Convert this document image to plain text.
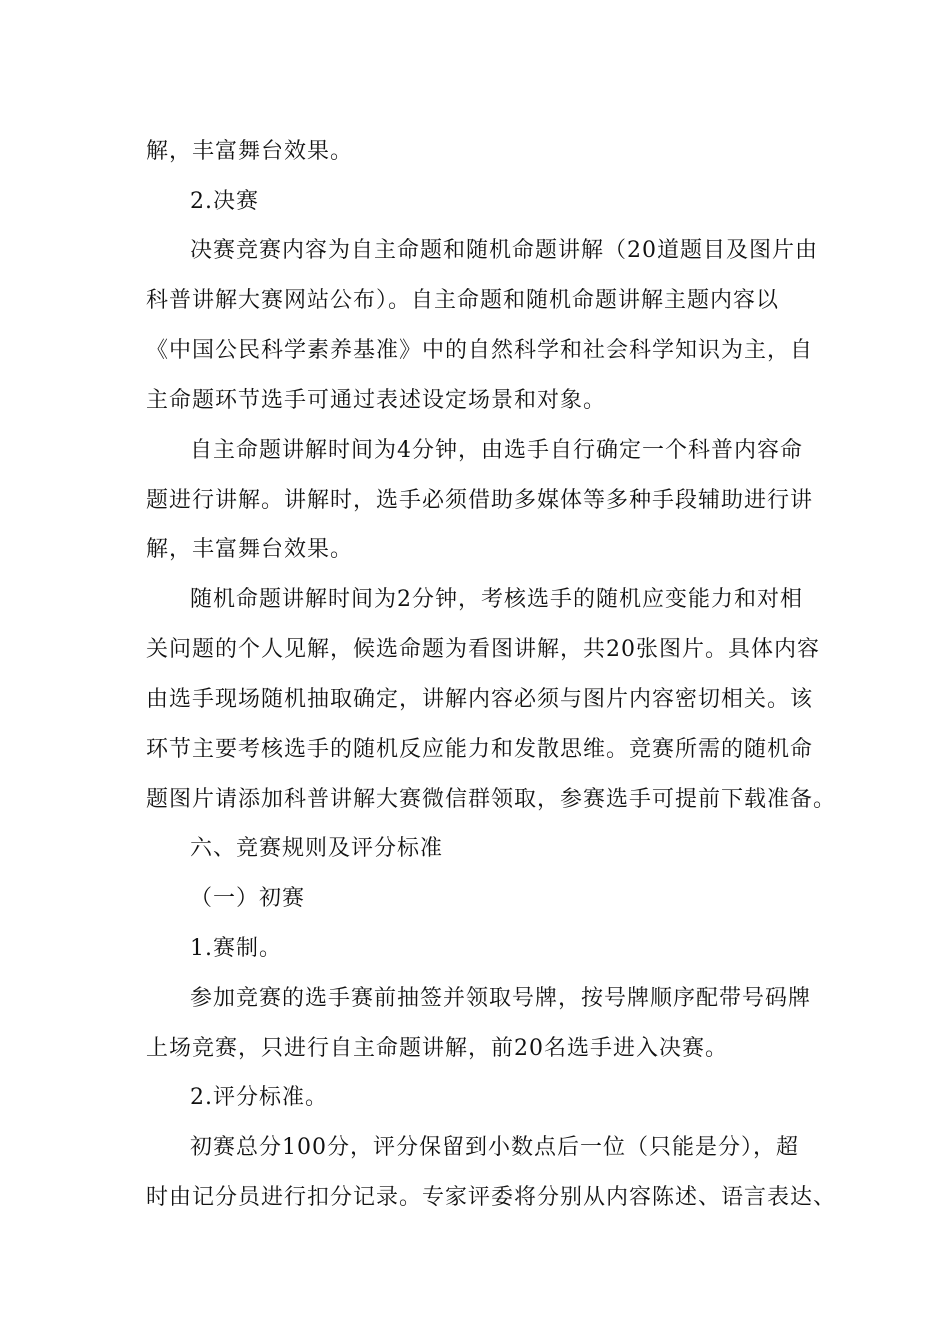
解，丰富舞台效果。
2.决赛
决赛竞赛内容为自主命题和随机命题讲解（20道题目及图片由
科普讲解大赛网站公布）。自主命题和随机命题讲解主题内容以
《中国公民科学素养基准》中的自然科学和社会科学知识为主，自
主命题环节选手可通过表述设定场景和对象。
自主命题讲解时间为4分钟，由选手自行确定一个科普内容命
题进行讲解。讲解时，选手必须借助多媒体等多种手段辅助进行讲
解，丰富舞台效果。
随机命题讲解时间为2分钟，考核选手的随机应变能力和对相
关问题的个人见解，候选命题为看图讲解，共20张图片。具体内容
由选手现场随机抽取确定，讲解内容必须与图片内容密切相关。该
环节主要考核选手的随机反应能力和发散思维。竞赛所需的随机命
题图片请添加科普讲解大赛微信群领取，参赛选手可提前下载准备。
六、竞赛规则及评分标准
（一）初赛
1.赛制。
参加竞赛的选手赛前抽签并领取号牌，按号牌顺序配带号码牌
上场竞赛，只进行自主命题讲解，前20名选手进入决赛。
2.评分标准。
初赛总分100分，评分保留到小数点后一位（只能是分），超
时由记分员进行扣分记录。专家评委将分别从内容陈述、语言表达、
